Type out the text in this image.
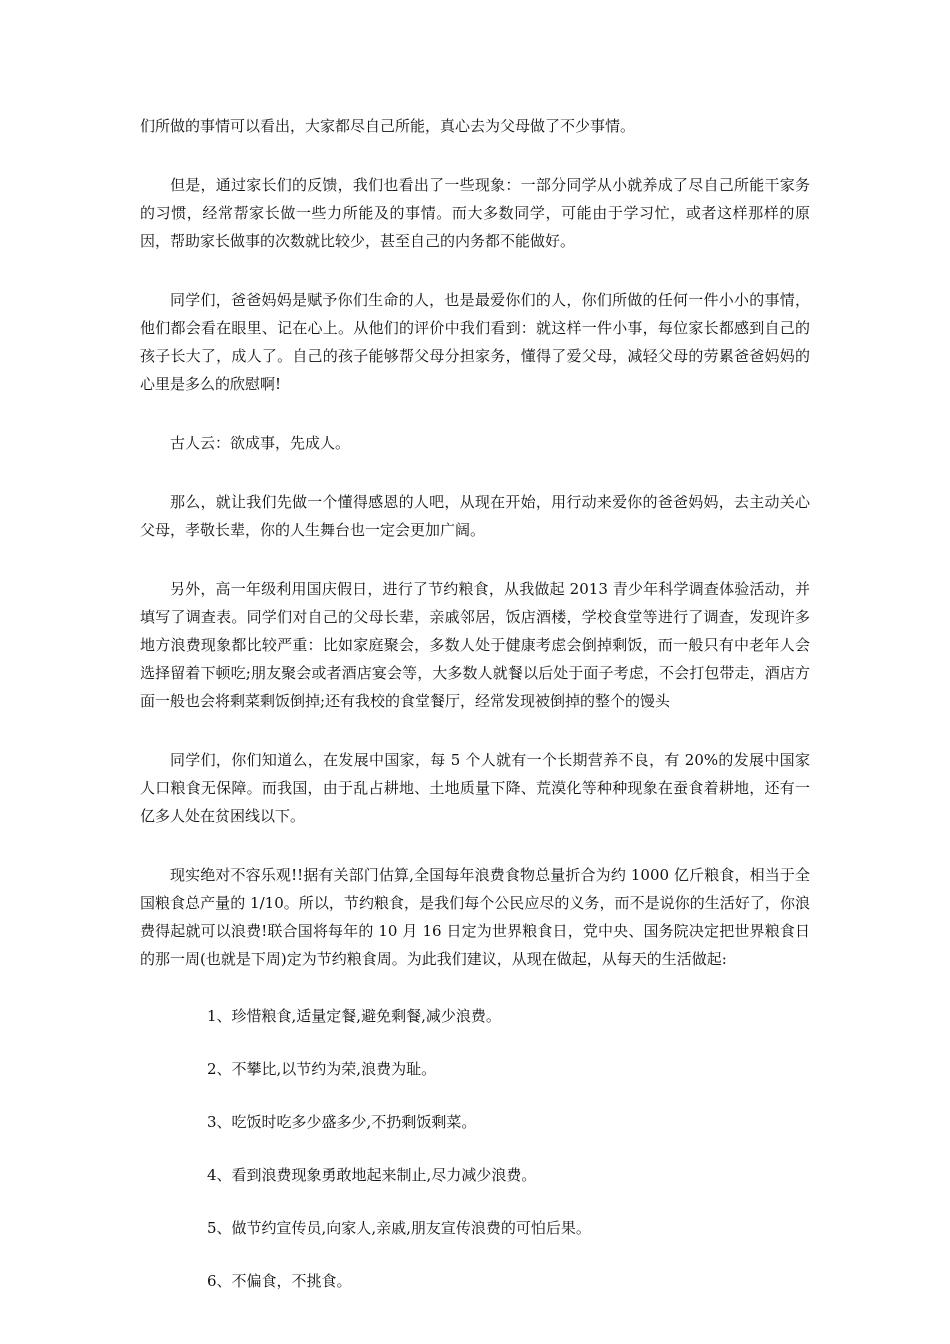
们所做的事情可以看出，大家都尽自己所能，真心去为父母做了不少事情。

但是，通过家长们的反馈，我们也看出了一些现象：一部分同学从小就养成了尽自己所能干家务的习惯，经常帮家长做一些力所能及的事情。而大多数同学，可能由于学习忙，或者这样那样的原因，帮助家长做事的次数就比较少，甚至自己的内务都不能做好。

同学们，爸爸妈妈是赋予你们生命的人，也是最爱你们的人，你们所做的任何一件小小的事情，他们都会看在眼里、记在心上。从他们的评价中我们看到：就这样一件小事，每位家长都感到自己的孩子长大了，成人了。自己的孩子能够帮父母分担家务，懂得了爱父母，减轻父母的劳累爸爸妈妈的心里是多么的欣慰啊!

古人云：欲成事，先成人。

那么，就让我们先做一个懂得感恩的人吧，从现在开始，用行动来爱你的爸爸妈妈，去主动关心父母，孝敬长辈，你的人生舞台也一定会更加广阔。

另外，高一年级利用国庆假日，进行了节约粮食，从我做起 2013 青少年科学调查体验活动，并填写了调查表。同学们对自己的父母长辈，亲戚邻居，饭店酒楼，学校食堂等进行了调查，发现许多地方浪费现象都比较严重：比如家庭聚会，多数人处于健康考虑会倒掉剩饭，而一般只有中老年人会选择留着下顿吃;朋友聚会或者酒店宴会等，大多数人就餐以后处于面子考虑，不会打包带走，酒店方面一般也会将剩菜剩饭倒掉;还有我校的食堂餐厅，经常发现被倒掉的整个的馒头

同学们，你们知道么，在发展中国家，每 5 个人就有一个长期营养不良，有 20%的发展中国家人口粮食无保障。而我国，由于乱占耕地、土地质量下降、荒漠化等种种现象在蚕食着耕地，还有一亿多人处在贫困线以下。

现实绝对不容乐观!!据有关部门估算,全国每年浪费食物总量折合为约 1000 亿斤粮食，相当于全国粮食总产量的 1/10。所以，节约粮食，是我们每个公民应尽的义务，而不是说你的生活好了，你浪费得起就可以浪费!联合国将每年的 10 月 16 日定为世界粮食日，党中央、国务院决定把世界粮食日的那一周(也就是下周)定为节约粮食周。为此我们建议，从现在做起，从每天的生活做起:

1、珍惜粮食,适量定餐,避免剩餐,减少浪费。
2、不攀比,以节约为荣,浪费为耻。
3、吃饭时吃多少盛多少,不扔剩饭剩菜。
4、看到浪费现象勇敢地起来制止,尽力减少浪费。
5、做节约宣传员,向家人,亲戚,朋友宣传浪费的可怕后果。
6、不偏食，不挑食。
